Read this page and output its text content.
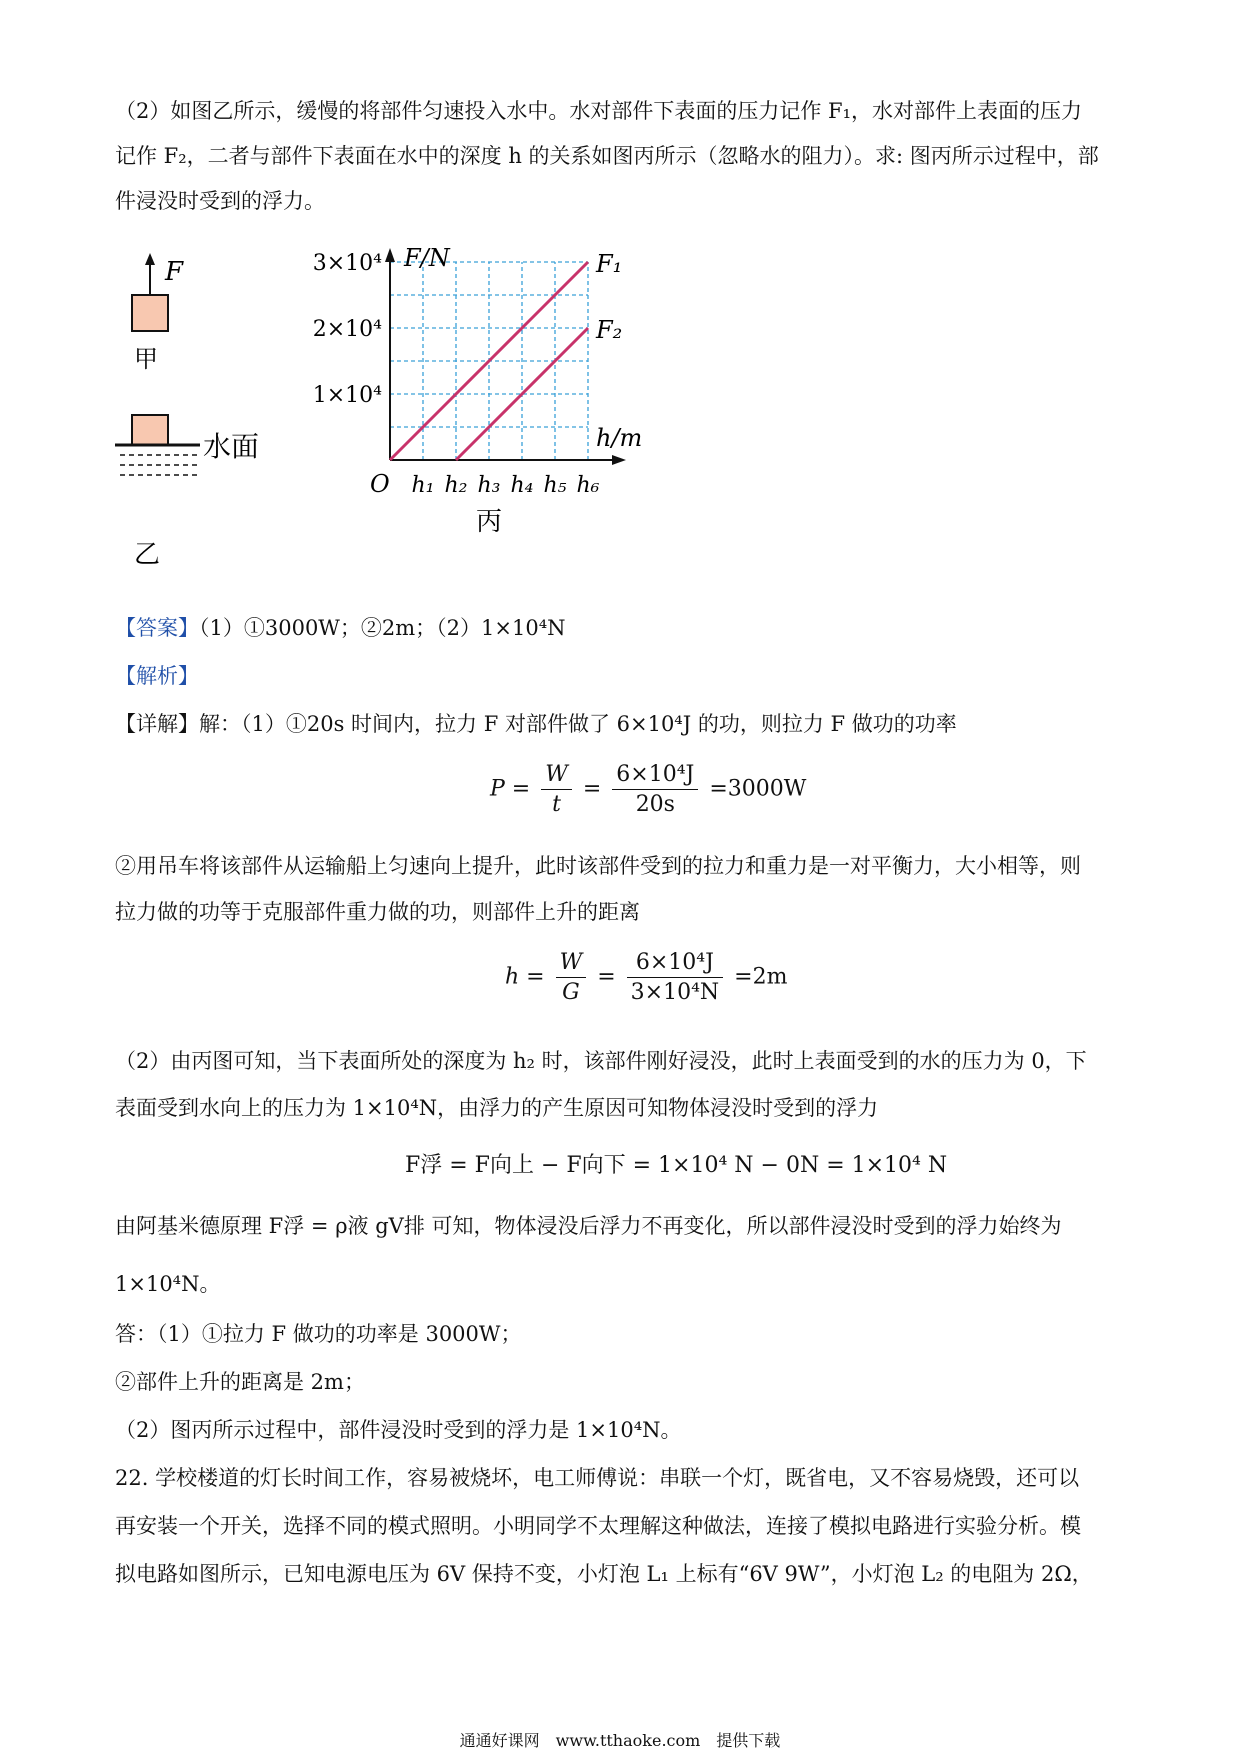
（2）如图乙所示，缓慢的将部件匀速投入水中。水对部件下表面的压力记作 F₁，水对部件上表面的压力
记作 F₂，二者与部件下表面在水中的深度 h 的关系如图丙所示（忽略水的阻力）。求: 图丙所示过程中，部
件浸没时受到的浮力。
F
甲
水面
乙
F/N
h/m
O
1×10⁴
2×10⁴
3×10⁴
h₁ h₂ h₃ h₄ h₅ h₆
F₁
F₂
丙
【答案】（1）①3000W；②2m；（2）1×10⁴N
【解析】
【详解】解：（1）①20s 时间内，拉力 F 对部件做了 6×10⁴J 的功，则拉力 F 做功的功率
$P = \frac{W}{t} = \frac{\text{6×10⁴J}}{20s} =3000W$
②用吊车将该部件从运输船上匀速向上提升，此时该部件受到的拉力和重力是一对平衡力，大小相等，则
拉力做的功等于克服部件重力做的功，则部件上升的距离
$h = \frac{W}{G} = \frac{\text{6×10⁴J}}{\text{3×10⁴N}} =2m$
（2）由丙图可知，当下表面所处的深度为 h₂ 时，该部件刚好浸没，此时上表面受到的水的压力为 0，下
表面受到水向上的压力为 1×10⁴N，由浮力的产生原因可知物体浸没时受到的浮力
F浮 = F向上 − F向下 = 1×10⁴ N − 0N = 1×10⁴ N
由阿基米德原理 F浮 = ρ液 gV排 可知，物体浸没后浮力不再变化，所以部件浸没时受到的浮力始终为
1×10⁴N。
答：（1）①拉力 F 做功的功率是 3000W；
②部件上升的距离是 2m；
（2）图丙所示过程中，部件浸没时受到的浮力是 1×10⁴N。
22. 学校楼道的灯长时间工作，容易被烧坏，电工师傅说：串联一个灯，既省电，又不容易烧毁，还可以
再安装一个开关，选择不同的模式照明。小明同学不太理解这种做法，连接了模拟电路进行实验分析。模
拟电路如图所示，已知电源电压为 6V 保持不变，小灯泡 L₁ 上标有“6V 9W”，小灯泡 L₂ 的电阻为 2Ω，
通通好课网　www.tthaoke.com　提供下载
